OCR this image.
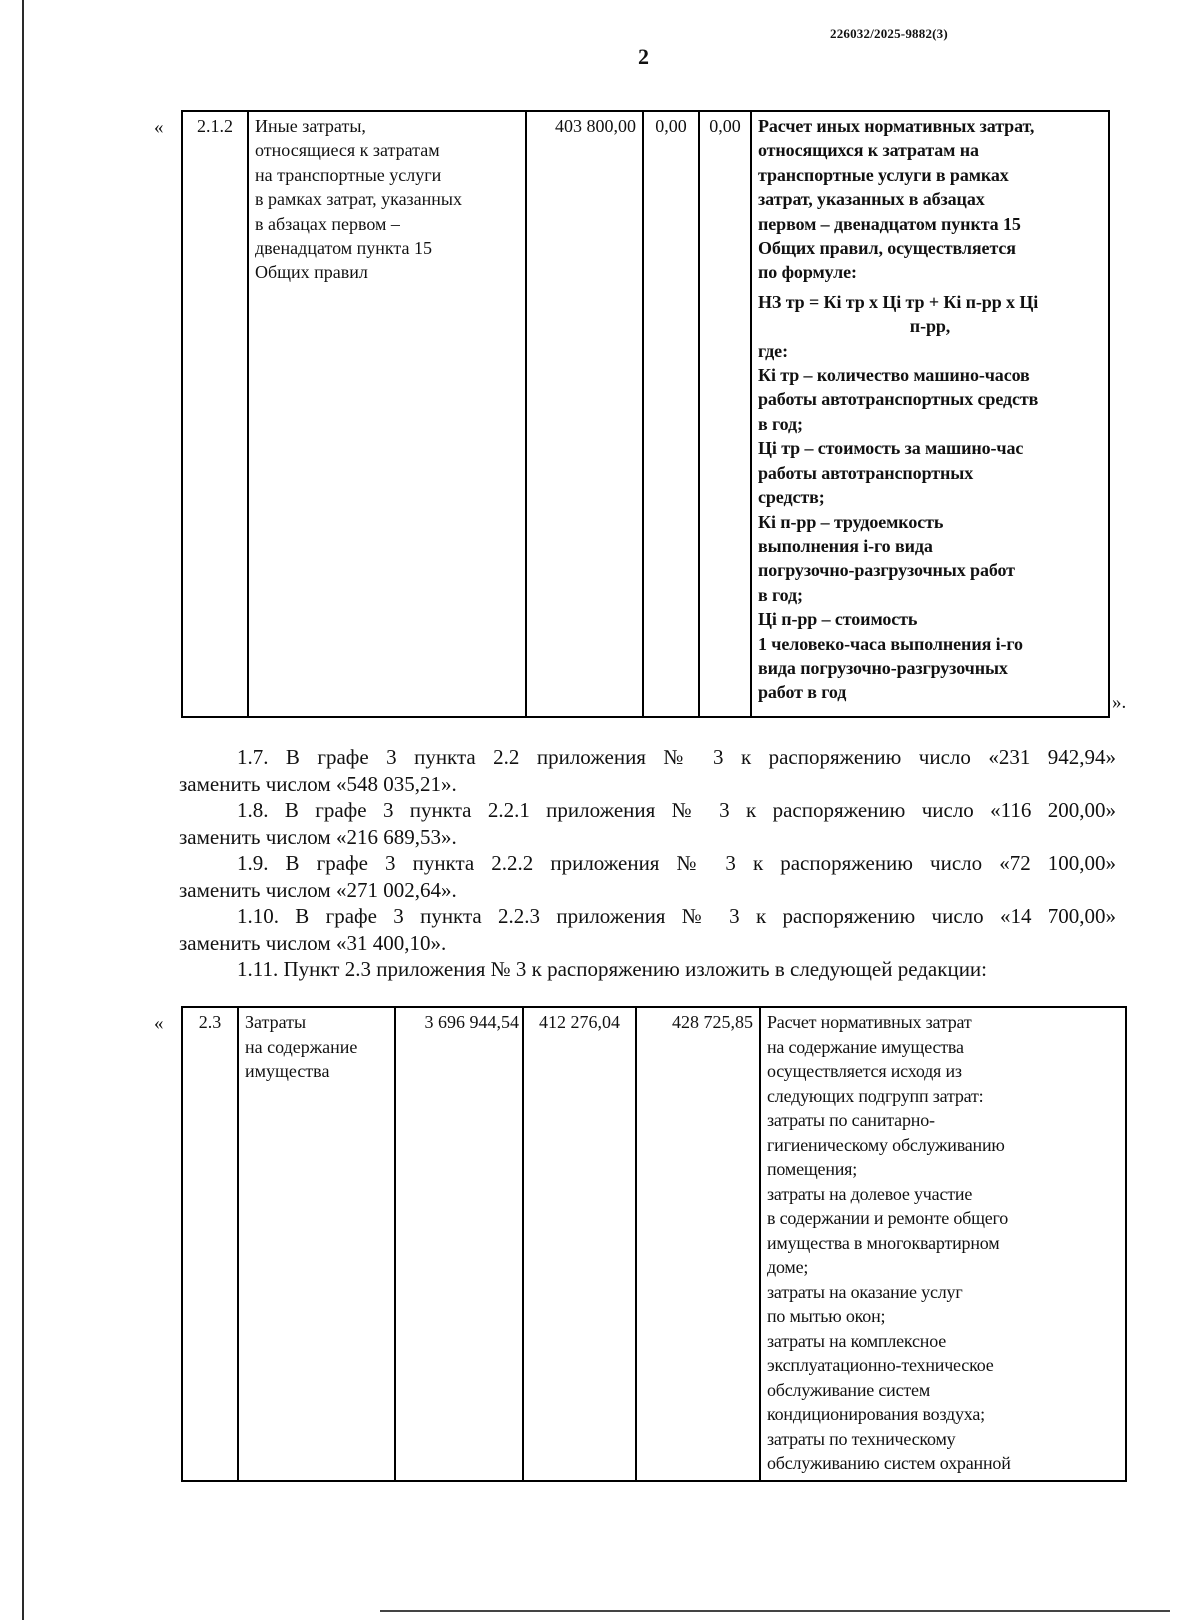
226032/2025-9882(3)
2
« 2.1.2	Иные затраты,
относящиеся к затратам
на транспортные услуги
в рамках затрат, указанных
в абзацах первом –
двенадцатом пункта 15
Общих правил
	403 800,00	0,00	0,00	Расчет иных нормативных затрат,
относящихся к затратам на
транспортные услуги в рамках
затрат, указанных в абзацах
первом – двенадцатом пункта 15
Общих правил, осуществляется
по формуле:
НЗ тр = Кi тр x Цi тр + Кi п-рр x Цi
п-рр,
где:
Кi тр – количество машино-часов
работы автотранспортных средств
в год;
Цi тр – стоимость за машино-час
работы автотранспортных
средств;
Кi п-рр – трудоемкость
выполнения i-го вида
погрузочно-разгрузочных работ
в год;
Цi п-рр – стоимость
1 человеко-часа выполнения i-го
вида погрузочно-разгрузочных
работ в год	».

1.7. В графе 3 пункта 2.2 приложения № 3 к распоряжению число «231 942,94»
заменить числом «548 035,21».

1.8. В графе 3 пункта 2.2.1 приложения № 3 к распоряжению число «116 200,00»
заменить числом «216 689,53».

1.9. В графе 3 пункта 2.2.2 приложения № 3 к распоряжению число «72 100,00»
заменить числом «271 002,64».

1.10. В графе 3 пункта 2.2.3 приложения № 3 к распоряжению число «14 700,00»
заменить числом «31 400,10».

1.11. Пункт 2.3 приложения № 3 к распоряжению изложить в следующей редакции:

« 2.3	Затраты
на содержание
имущества
	3 696 944,54	412 276,04	428 725,85	Расчет нормативных затрат
на содержание имущества
осуществляется исходя из
следующих подгрупп затрат:
затраты по санитарно-
гигиеническому обслуживанию
помещения;
затраты на долевое участие
в содержании и ремонте общего
имущества в многоквартирном
доме;
затраты на оказание услуг
по мытью окон;
затраты на комплексное
эксплуатационно-техническое
обслуживание систем
кондиционирования воздуха;
затраты по техническому
обслуживанию систем охранной
